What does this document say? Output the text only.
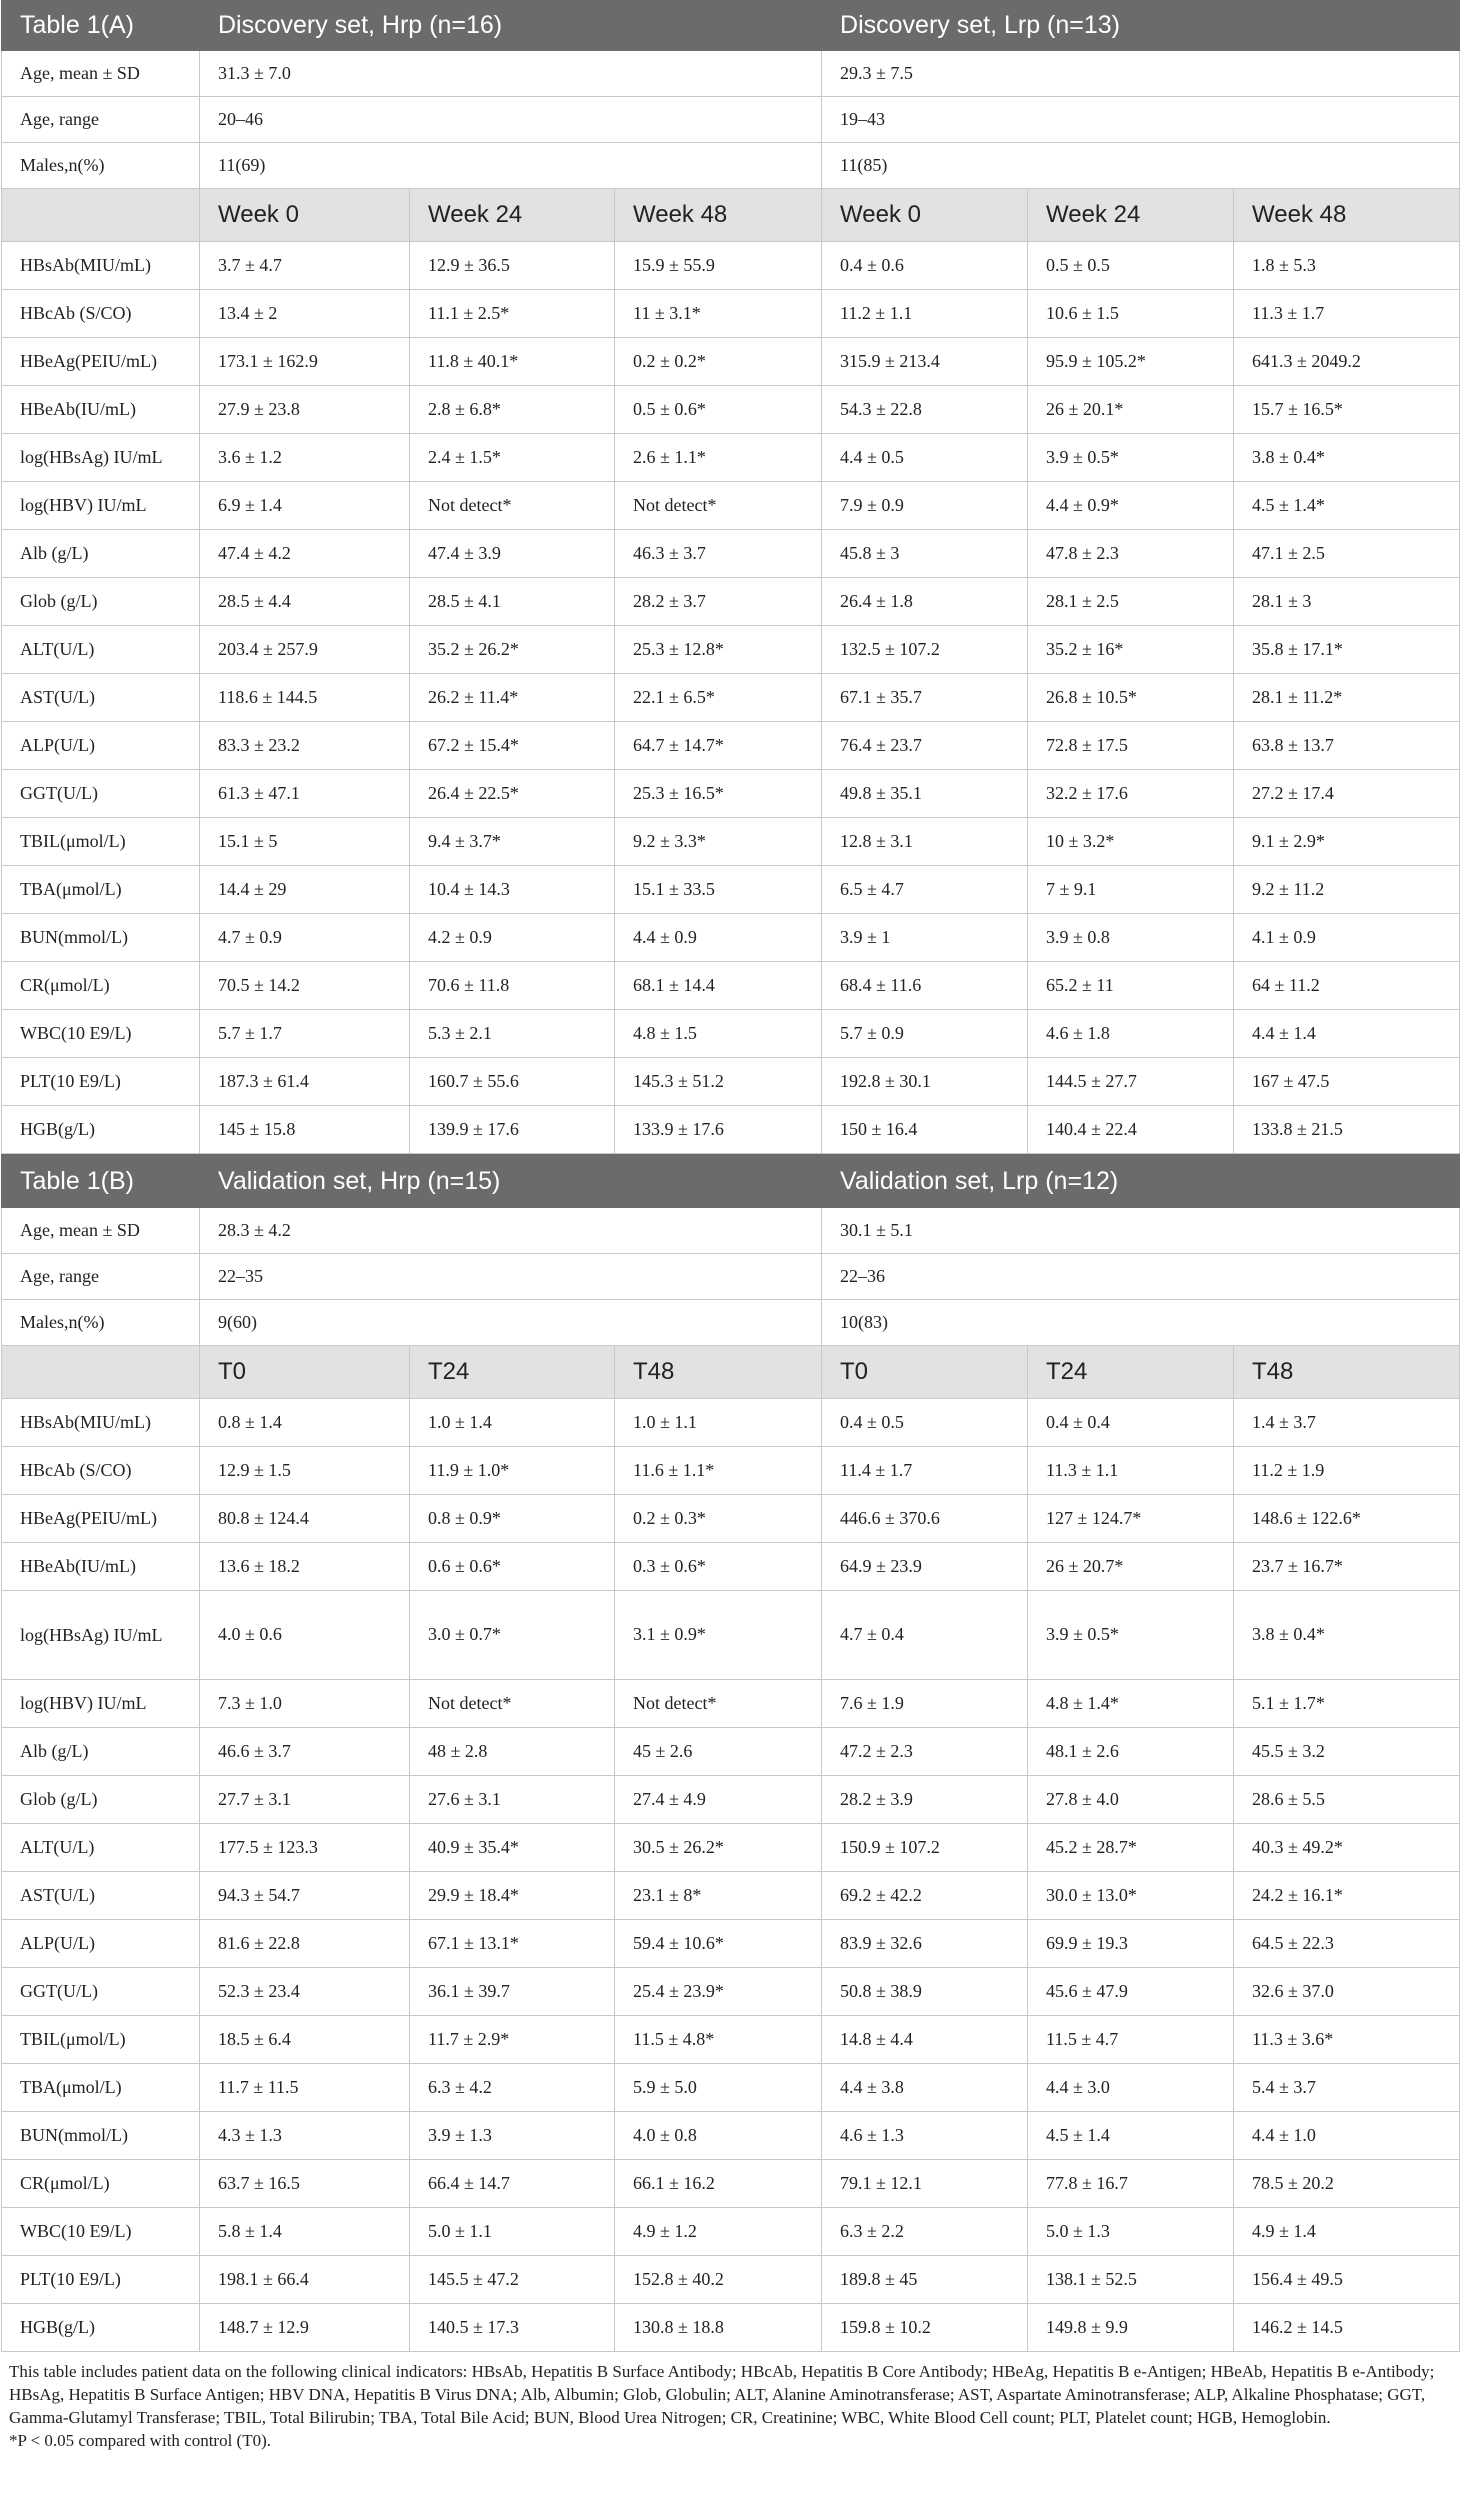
Table 1(A)	Discovery set, Hrp (n=16)			Discovery set, Lrp (n=13)		
Age, mean ± SD	31.3 ± 7.0			29.3 ± 7.5		
Age, range	20–46			19–43		
Males,n(%)	11(69)			11(85)		
	Week 0	Week 24	Week 48	Week 0	Week 24	Week 48
HBsAb(MIU/mL)	3.7 ± 4.7	12.9 ± 36.5	15.9 ± 55.9	0.4 ± 0.6	0.5 ± 0.5	1.8 ± 5.3
HBcAb (S/CO)	13.4 ± 2	11.1 ± 2.5*	11 ± 3.1*	11.2 ± 1.1	10.6 ± 1.5	11.3 ± 1.7
HBeAg(PEIU/mL)	173.1 ± 162.9	11.8 ± 40.1*	0.2 ± 0.2*	315.9 ± 213.4	95.9 ± 105.2*	641.3 ± 2049.2
HBeAb(IU/mL)	27.9 ± 23.8	2.8 ± 6.8*	0.5 ± 0.6*	54.3 ± 22.8	26 ± 20.1*	15.7 ± 16.5*
log(HBsAg) IU/mL	3.6 ± 1.2	2.4 ± 1.5*	2.6 ± 1.1*	4.4 ± 0.5	3.9 ± 0.5*	3.8 ± 0.4*
log(HBV) IU/mL	6.9 ± 1.4	Not detect*	Not detect*	7.9 ± 0.9	4.4 ± 0.9*	4.5 ± 1.4*
Alb (g/L)	47.4 ± 4.2	47.4 ± 3.9	46.3 ± 3.7	45.8 ± 3	47.8 ± 2.3	47.1 ± 2.5
Glob (g/L)	28.5 ± 4.4	28.5 ± 4.1	28.2 ± 3.7	26.4 ± 1.8	28.1 ± 2.5	28.1 ± 3
ALT(U/L)	203.4 ± 257.9	35.2 ± 26.2*	25.3 ± 12.8*	132.5 ± 107.2	35.2 ± 16*	35.8 ± 17.1*
AST(U/L)	118.6 ± 144.5	26.2 ± 11.4*	22.1 ± 6.5*	67.1 ± 35.7	26.8 ± 10.5*	28.1 ± 11.2*
ALP(U/L)	83.3 ± 23.2	67.2 ± 15.4*	64.7 ± 14.7*	76.4 ± 23.7	72.8 ± 17.5	63.8 ± 13.7
GGT(U/L)	61.3 ± 47.1	26.4 ± 22.5*	25.3 ± 16.5*	49.8 ± 35.1	32.2 ± 17.6	27.2 ± 17.4
TBIL(μmol/L)	15.1 ± 5	9.4 ± 3.7*	9.2 ± 3.3*	12.8 ± 3.1	10 ± 3.2*	9.1 ± 2.9*
TBA(μmol/L)	14.4 ± 29	10.4 ± 14.3	15.1 ± 33.5	6.5 ± 4.7	7 ± 9.1	9.2 ± 11.2
BUN(mmol/L)	4.7 ± 0.9	4.2 ± 0.9	4.4 ± 0.9	3.9 ± 1	3.9 ± 0.8	4.1 ± 0.9
CR(μmol/L)	70.5 ± 14.2	70.6 ± 11.8	68.1 ± 14.4	68.4 ± 11.6	65.2 ± 11	64 ± 11.2
WBC(10 E9/L)	5.7 ± 1.7	5.3 ± 2.1	4.8 ± 1.5	5.7 ± 0.9	4.6 ± 1.8	4.4 ± 1.4
PLT(10 E9/L)	187.3 ± 61.4	160.7 ± 55.6	145.3 ± 51.2	192.8 ± 30.1	144.5 ± 27.7	167 ± 47.5
HGB(g/L)	145 ± 15.8	139.9 ± 17.6	133.9 ± 17.6	150 ± 16.4	140.4 ± 22.4	133.8 ± 21.5
Table 1(B)	Validation set, Hrp (n=15)			Validation set, Lrp (n=12)		
Age, mean ± SD	28.3 ± 4.2			30.1 ± 5.1		
Age, range	22–35			22–36		
Males,n(%)	9(60)			10(83)		
	T0	T24	T48	T0	T24	T48
HBsAb(MIU/mL)	0.8 ± 1.4	1.0 ± 1.4	1.0 ± 1.1	0.4 ± 0.5	0.4 ± 0.4	1.4 ± 3.7
HBcAb (S/CO)	12.9 ± 1.5	11.9 ± 1.0*	11.6 ± 1.1*	11.4 ± 1.7	11.3 ± 1.1	11.2 ± 1.9
HBeAg(PEIU/mL)	80.8 ± 124.4	0.8 ± 0.9*	0.2 ± 0.3*	446.6 ± 370.6	127 ± 124.7*	148.6 ± 122.6*
HBeAb(IU/mL)	13.6 ± 18.2	0.6 ± 0.6*	0.3 ± 0.6*	64.9 ± 23.9	26 ± 20.7*	23.7 ± 16.7*
log(HBsAg) IU/mL	4.0 ± 0.6	3.0 ± 0.7*	3.1 ± 0.9*	4.7 ± 0.4	3.9 ± 0.5*	3.8 ± 0.4*
log(HBV) IU/mL	7.3 ± 1.0	Not detect*	Not detect*	7.6 ± 1.9	4.8 ± 1.4*	5.1 ± 1.7*
Alb (g/L)	46.6 ± 3.7	48 ± 2.8	45 ± 2.6	47.2 ± 2.3	48.1 ± 2.6	45.5 ± 3.2
Glob (g/L)	27.7 ± 3.1	27.6 ± 3.1	27.4 ± 4.9	28.2 ± 3.9	27.8 ± 4.0	28.6 ± 5.5
ALT(U/L)	177.5 ± 123.3	40.9 ± 35.4*	30.5 ± 26.2*	150.9 ± 107.2	45.2 ± 28.7*	40.3 ± 49.2*
AST(U/L)	94.3 ± 54.7	29.9 ± 18.4*	23.1 ± 8*	69.2 ± 42.2	30.0 ± 13.0*	24.2 ± 16.1*
ALP(U/L)	81.6 ± 22.8	67.1 ± 13.1*	59.4 ± 10.6*	83.9 ± 32.6	69.9 ± 19.3	64.5 ± 22.3
GGT(U/L)	52.3 ± 23.4	36.1 ± 39.7	25.4 ± 23.9*	50.8 ± 38.9	45.6 ± 47.9	32.6 ± 37.0
TBIL(μmol/L)	18.5 ± 6.4	11.7 ± 2.9*	11.5 ± 4.8*	14.8 ± 4.4	11.5 ± 4.7	11.3 ± 3.6*
TBA(μmol/L)	11.7 ± 11.5	6.3 ± 4.2	5.9 ± 5.0	4.4 ± 3.8	4.4 ± 3.0	5.4 ± 3.7
BUN(mmol/L)	4.3 ± 1.3	3.9 ± 1.3	4.0 ± 0.8	4.6 ± 1.3	4.5 ± 1.4	4.4 ± 1.0
CR(μmol/L)	63.7 ± 16.5	66.4 ± 14.7	66.1 ± 16.2	79.1 ± 12.1	77.8 ± 16.7	78.5 ± 20.2
WBC(10 E9/L)	5.8 ± 1.4	5.0 ± 1.1	4.9 ± 1.2	6.3 ± 2.2	5.0 ± 1.3	4.9 ± 1.4
PLT(10 E9/L)	198.1 ± 66.4	145.5 ± 47.2	152.8 ± 40.2	189.8 ± 45	138.1 ± 52.5	156.4 ± 49.5
HGB(g/L)	148.7 ± 12.9	140.5 ± 17.3	130.8 ± 18.8	159.8 ± 10.2	149.8 ± 9.9	146.2 ± 14.5

This table includes patient data on the following clinical indicators: HBsAb, Hepatitis B Surface Antibody; HBcAb, Hepatitis B Core Antibody; HBeAg, Hepatitis B e-Antigen; HBeAb, Hepatitis B e-Antibody; HBsAg, Hepatitis B Surface Antigen; HBV DNA, Hepatitis B Virus DNA; Alb, Albumin; Glob, Globulin; ALT, Alanine Aminotransferase; AST, Aspartate Aminotransferase; ALP, Alkaline Phosphatase; GGT, Gamma-Glutamyl Transferase; TBIL, Total Bilirubin; TBA, Total Bile Acid; BUN, Blood Urea Nitrogen; CR, Creatinine; WBC, White Blood Cell count; PLT, Platelet count; HGB, Hemoglobin.

*P < 0.05 compared with control (T0).
